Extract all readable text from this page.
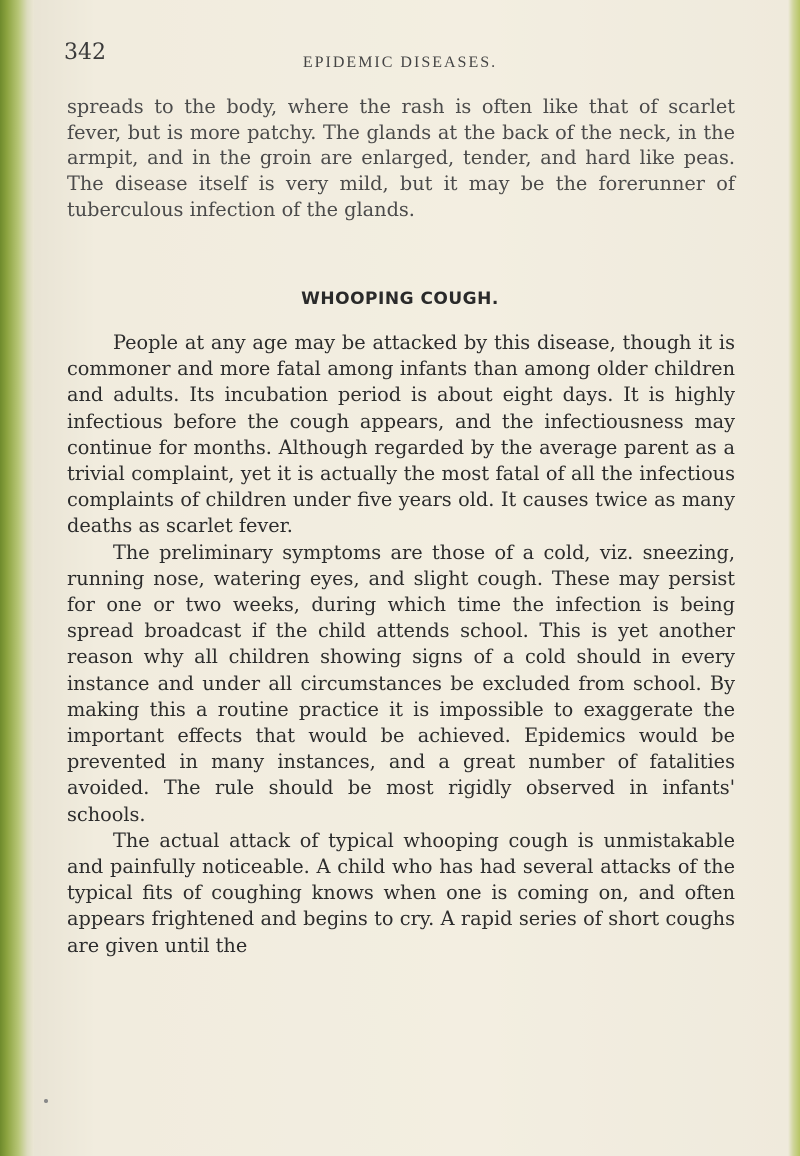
342	EPIDEMIC DISEASES.
spreads to the body, where the rash is often like that of scarlet fever, but is more patchy. The glands at the back of the neck, in the armpit, and in the groin are enlarged, tender, and hard like peas. The disease itself is very mild, but it may be the forerunner of tuberculous infection of the glands.
WHOOPING COUGH.

People at any age may be attacked by this disease, though it is commoner and more fatal among infants than among older children and adults. Its incubation period is about eight days. It is highly infectious before the cough appears, and the infectiousness may continue for months. Although regarded by the average parent as a trivial complaint, yet it is actually the most fatal of all the infectious complaints of children under five years old. It causes twice as many deaths as scarlet fever.

The preliminary symptoms are those of a cold, viz. sneezing, running nose, watering eyes, and slight cough. These may persist for one or two weeks, during which time the infection is being spread broadcast if the child attends school. This is yet another reason why all children showing signs of a cold should in every instance and under all circumstances be excluded from school. By making this a routine practice it is impossible to exaggerate the important effects that would be achieved. Epidemics would be prevented in many instances, and a great number of fatalities avoided. The rule should be most rigidly observed in infants' schools.

The actual attack of typical whooping cough is unmistakable and painfully noticeable. A child who has had several attacks of the typical fits of coughing knows when one is coming on, and often appears frightened and begins to cry. A rapid series of short coughs are given until the
